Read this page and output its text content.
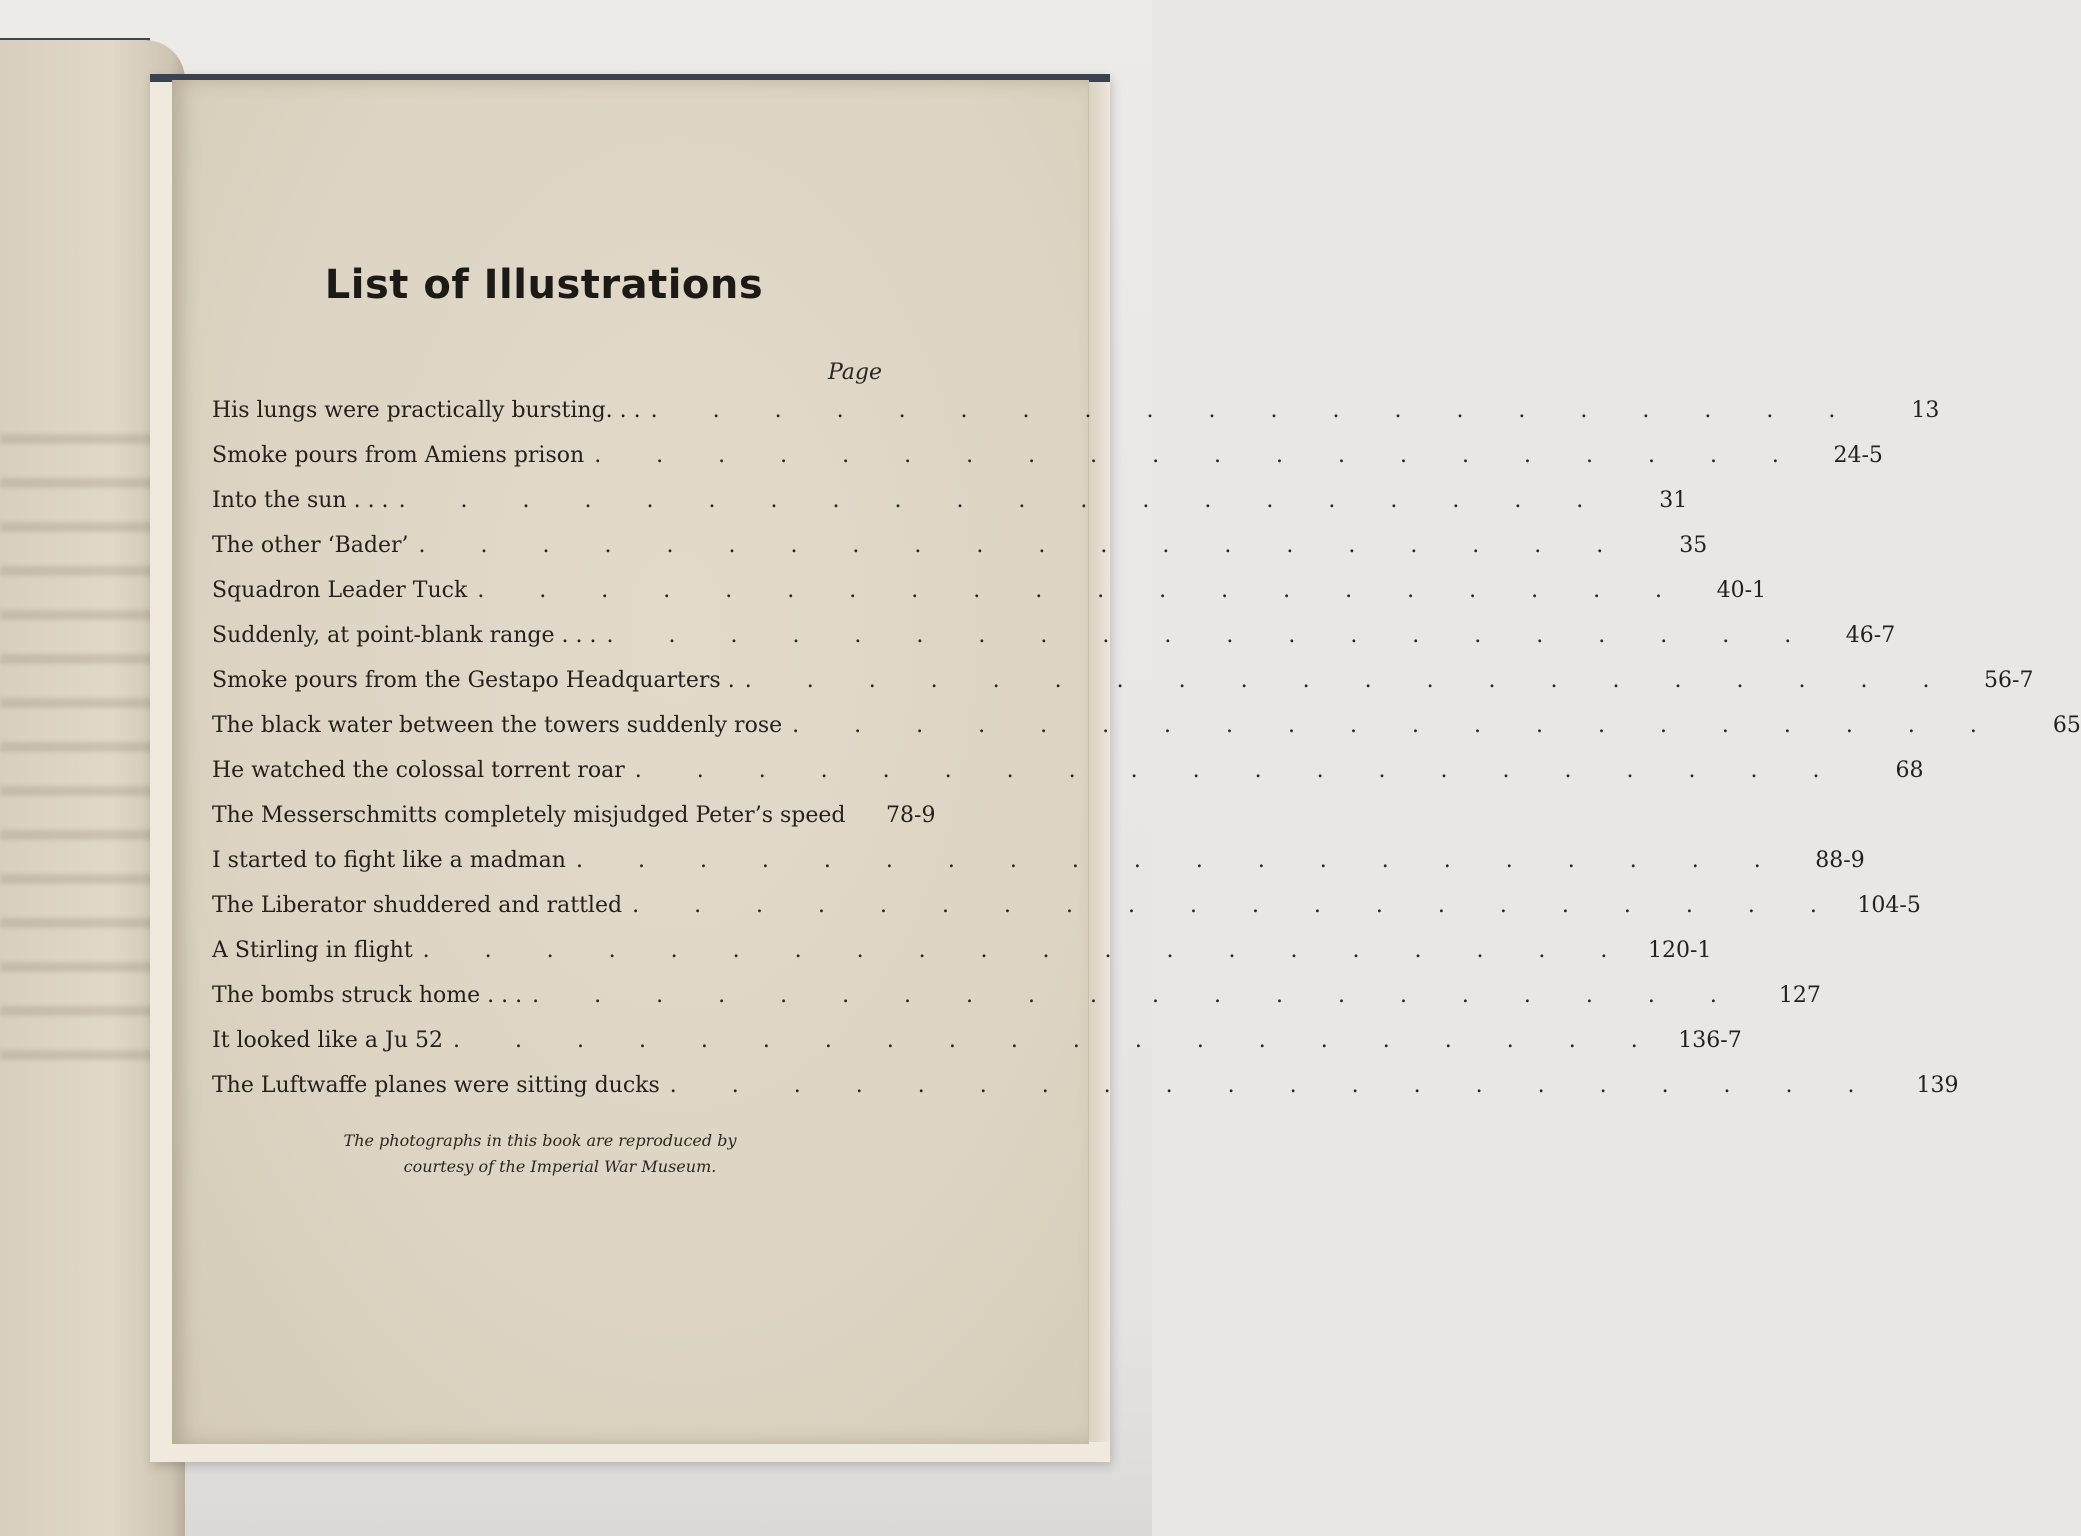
List of Illustrations
Page
His lungs were practically bursting. . . . . . . . . . . . . . . . . . . . . . .	13
Smoke pours from Amiens prison . . . . . . . . . . . . . . . . . . . .	24-5
Into the sun . . . . . . . . . . . . . . . . . . . . . . .	31
The other ‘Bader’ . . . . . . . . . . . . . . . . . . . .	35
Squadron Leader Tuck . . . . . . . . . . . . . . . . . . . .	40-1
Suddenly, at point-blank range . . . . . . . . . . . . . . . . . . . . . . .	46-7
Smoke pours from the Gestapo Headquarters . . . . . . . . . . . . . . . . . . . . .	56-7
The black water between the towers suddenly rose . . . . . . . . . . . . . . . . . . . .	65
He watched the colossal torrent roar . . . . . . . . . . . . . . . . . . . .	68
The Messerschmitts completely misjudged Peter’s speed	78-9
I started to fight like a madman . . . . . . . . . . . . . . . . . . . .	88-9
The Liberator shuddered and rattled . . . . . . . . . . . . . . . . . . . . 104-5
A Stirling in flight . . . . . . . . . . . . . . . . . . . . 120-1
The bombs struck home . . . . . . . . . . . . . . . . . . . . . . .	127
It looked like a Ju 52 . . . . . . . . . . . . . . . . . . . . 136-7
The Luftwaffe planes were sitting ducks . . . . . . . . . . . . . . . . . . . .	139
The photographs in this book are reproduced by
courtesy of the Imperial War Museum.
